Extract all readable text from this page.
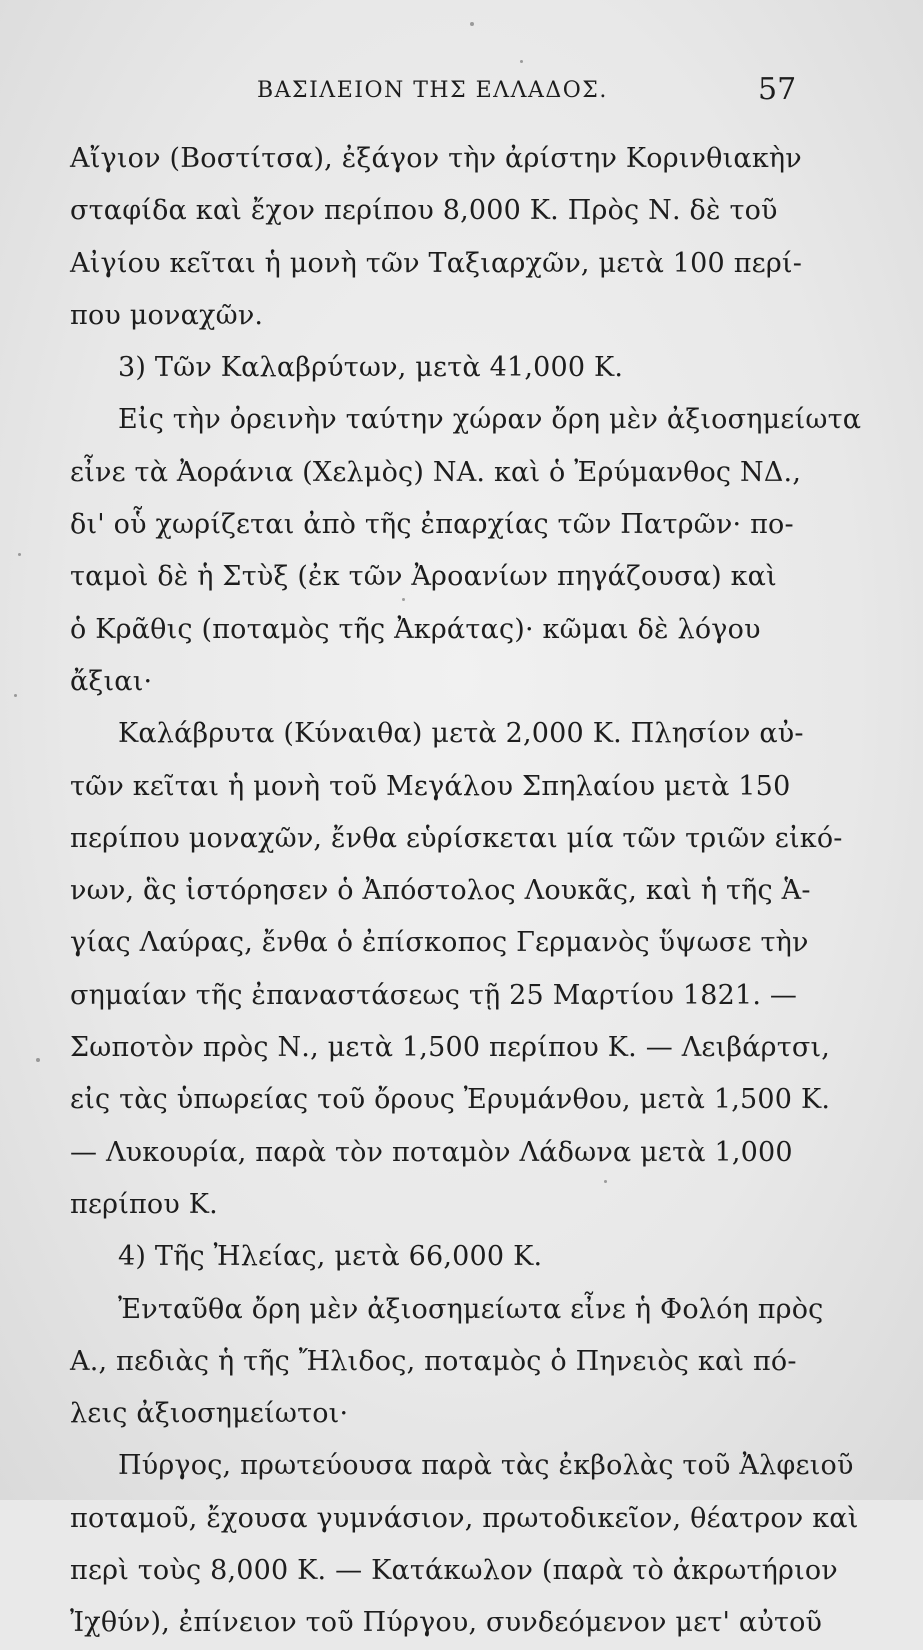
ΒΑΣΙΛΕΙΟΝ ΤΗΣ ΕΛΛΑΔΟΣ.	57
Αἴγιον (Βοστίτσα), ἐξάγον τὴν ἀρίστην Κορινθιακὴν
σταφίδα καὶ ἔχον περίπου 8,000 Κ. Πρὸς Ν. δὲ τοῦ
Αἰγίου κεῖται ἡ μονὴ τῶν Ταξιαρχῶν, μετὰ 100 περί-
που μοναχῶν.
3) Τῶν Καλαβρύτων, μετὰ 41,000 Κ.
Εἰς τὴν ὀρεινὴν ταύτην χώραν ὄρη μὲν ἀξιοσημείωτα
εἶνε τὰ Ἀοράνια (Χελμὸς) ΝΑ. καὶ ὁ Ἐρύμανθος ΝΔ.,
δι' οὗ χωρίζεται ἀπὸ τῆς ἐπαρχίας τῶν Πατρῶν· πο-
ταμοὶ δὲ ἡ Στὺξ (ἐκ τῶν Ἀροανίων πηγάζουσα) καὶ
ὁ Κρᾶθις (ποταμὸς τῆς Ἀκράτας)· κῶμαι δὲ λόγου
ἄξιαι·
Καλάβρυτα (Κύναιθα) μετὰ 2,000 Κ. Πλησίον αὐ-
τῶν κεῖται ἡ μονὴ τοῦ Μεγάλου Σπηλαίου μετὰ 150
περίπου μοναχῶν, ἔνθα εὑρίσκεται μία τῶν τριῶν εἰκό-
νων, ἃς ἱστόρησεν ὁ Ἀπόστολος Λουκᾶς, καὶ ἡ τῆς Ἁ-
γίας Λαύρας, ἔνθα ὁ ἐπίσκοπος Γερμανὸς ὕψωσε τὴν
σημαίαν τῆς ἐπαναστάσεως τῇ 25 Μαρτίου 1821. —
Σωποτὸν πρὸς Ν., μετὰ 1,500 περίπου Κ. — Λειβάρτσι,
εἰς τὰς ὑπωρείας τοῦ ὄρους Ἐρυμάνθου, μετὰ 1,500 Κ.
— Λυκουρία, παρὰ τὸν ποταμὸν Λάδωνα μετὰ 1,000
περίπου Κ.
4) Τῆς Ἠλείας, μετὰ 66,000 Κ.
Ἐνταῦθα ὄρη μὲν ἀξιοσημείωτα εἶνε ἡ Φολόη πρὸς
Α., πεδιὰς ἡ τῆς Ἤλιδος, ποταμὸς ὁ Πηνειὸς καὶ πό-
λεις ἀξιοσημείωτοι·
Πύργος, πρωτεύουσα παρὰ τὰς ἐκβολὰς τοῦ Ἀλφειοῦ
ποταμοῦ, ἔχουσα γυμνάσιον, πρωτοδικεῖον, θέατρον καὶ
περὶ τοὺς 8,000 Κ. — Κατάκωλον (παρὰ τὸ ἀκρωτήριον
Ἰχθύν), ἐπίνειον τοῦ Πύργου, συνδεόμενον μετ' αὐτοῦ
